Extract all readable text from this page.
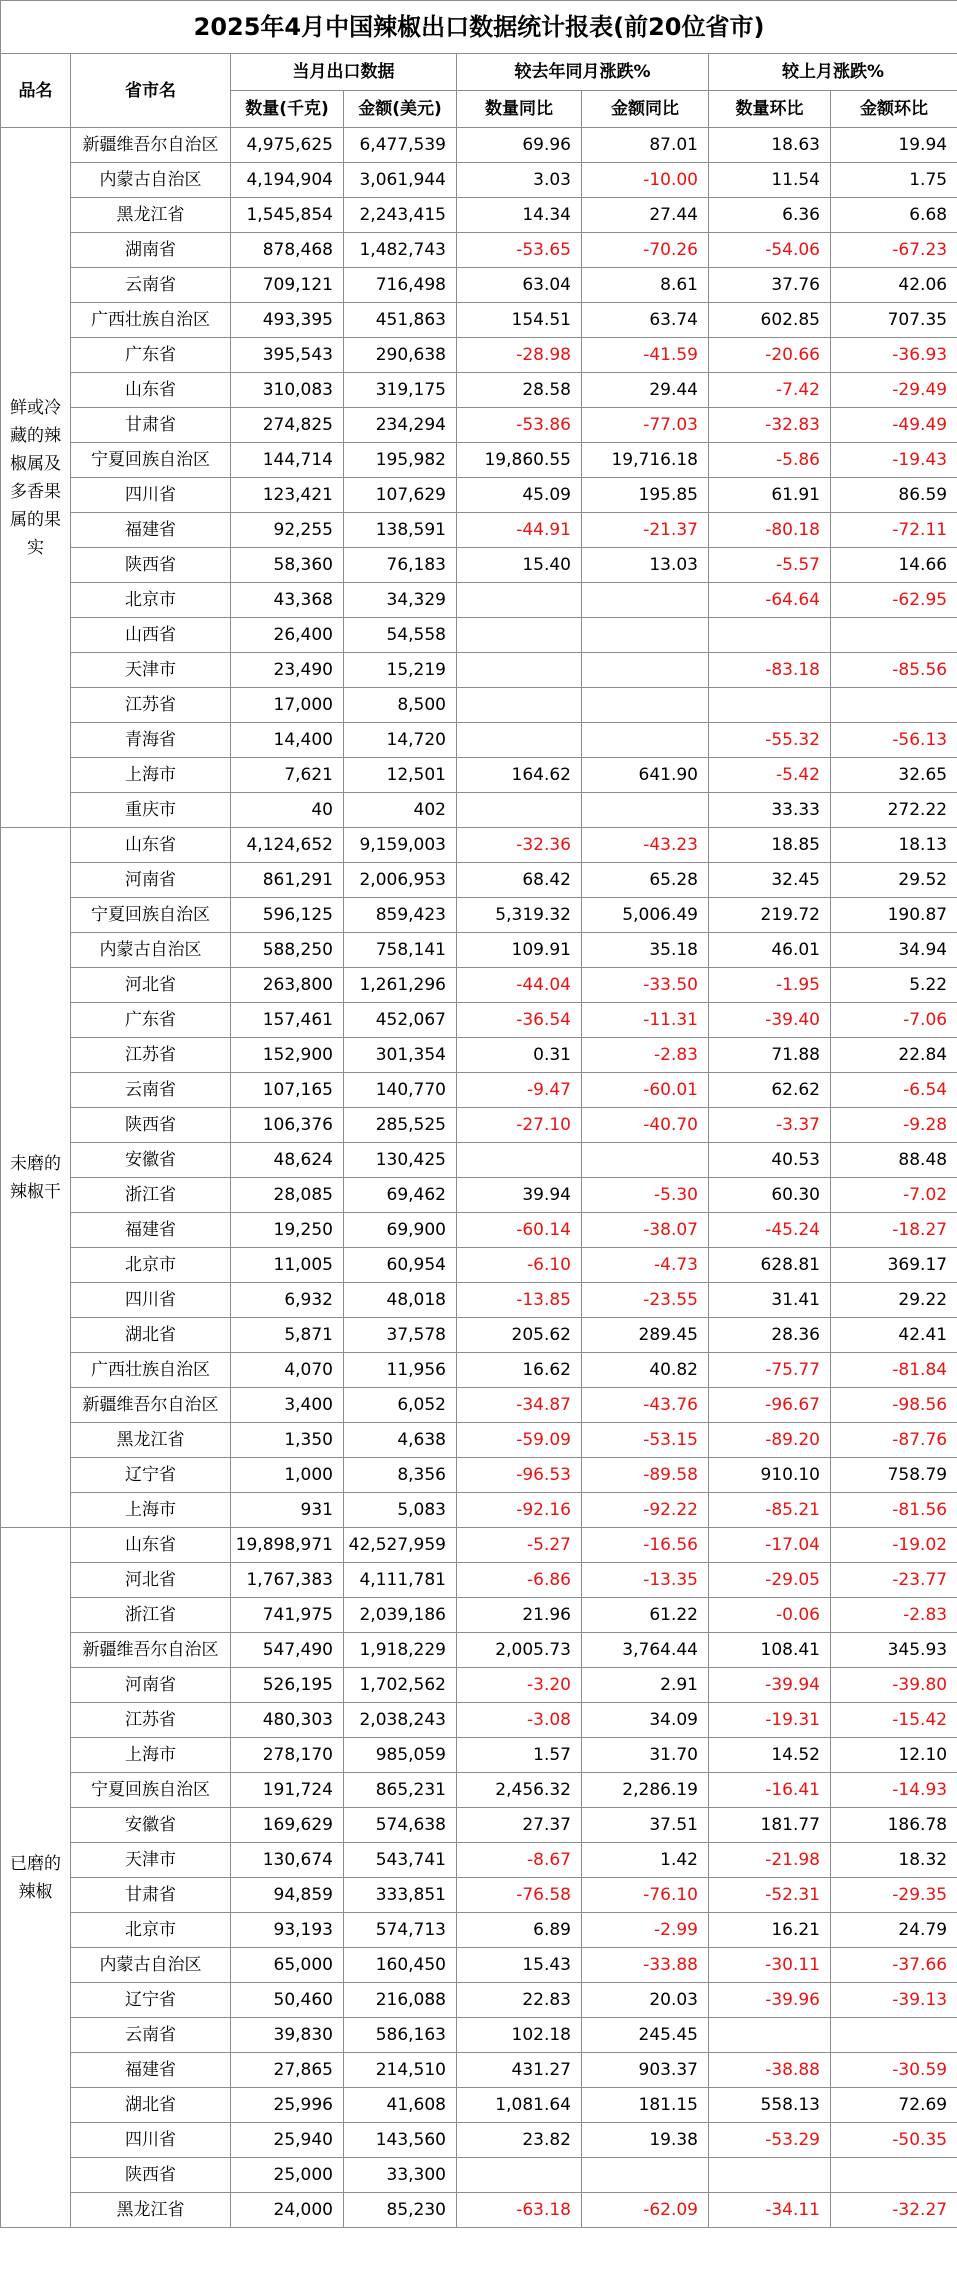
2025年4月中国辣椒出口数据统计报表(前20位省市)							
品名	省市名	当月出口数据		较去年同月涨跌%		较上月涨跌%	
		数量(千克)	金额(美元)	数量同比	金额同比	数量环比	金额环比
鲜或冷藏的辣椒属及多香果属的果实	新疆维吾尔自治区	4,975,625	6,477,539	69.96	87.01	18.63	19.94
	内蒙古自治区	4,194,904	3,061,944	3.03	-10.00	11.54	1.75
	黑龙江省	1,545,854	2,243,415	14.34	27.44	6.36	6.68
	湖南省	878,468	1,482,743	-53.65	-70.26	-54.06	-67.23
	云南省	709,121	716,498	63.04	8.61	37.76	42.06
	广西壮族自治区	493,395	451,863	154.51	63.74	602.85	707.35
	广东省	395,543	290,638	-28.98	-41.59	-20.66	-36.93
	山东省	310,083	319,175	28.58	29.44	-7.42	-29.49
	甘肃省	274,825	234,294	-53.86	-77.03	-32.83	-49.49
	宁夏回族自治区	144,714	195,982	19,860.55	19,716.18	-5.86	-19.43
	四川省	123,421	107,629	45.09	195.85	61.91	86.59
	福建省	92,255	138,591	-44.91	-21.37	-80.18	-72.11
	陕西省	58,360	76,183	15.40	13.03	-5.57	14.66
	北京市	43,368	34,329			-64.64	-62.95
	山西省	26,400	54,558				
	天津市	23,490	15,219			-83.18	-85.56
	江苏省	17,000	8,500				
	青海省	14,400	14,720			-55.32	-56.13
	上海市	7,621	12,501	164.62	641.90	-5.42	32.65
	重庆市	40	402			33.33	272.22
未磨的辣椒干	山东省	4,124,652	9,159,003	-32.36	-43.23	18.85	18.13
	河南省	861,291	2,006,953	68.42	65.28	32.45	29.52
	宁夏回族自治区	596,125	859,423	5,319.32	5,006.49	219.72	190.87
	内蒙古自治区	588,250	758,141	109.91	35.18	46.01	34.94
	河北省	263,800	1,261,296	-44.04	-33.50	-1.95	5.22
	广东省	157,461	452,067	-36.54	-11.31	-39.40	-7.06
	江苏省	152,900	301,354	0.31	-2.83	71.88	22.84
	云南省	107,165	140,770	-9.47	-60.01	62.62	-6.54
	陕西省	106,376	285,525	-27.10	-40.70	-3.37	-9.28
	安徽省	48,624	130,425			40.53	88.48
	浙江省	28,085	69,462	39.94	-5.30	60.30	-7.02
	福建省	19,250	69,900	-60.14	-38.07	-45.24	-18.27
	北京市	11,005	60,954	-6.10	-4.73	628.81	369.17
	四川省	6,932	48,018	-13.85	-23.55	31.41	29.22
	湖北省	5,871	37,578	205.62	289.45	28.36	42.41
	广西壮族自治区	4,070	11,956	16.62	40.82	-75.77	-81.84
	新疆维吾尔自治区	3,400	6,052	-34.87	-43.76	-96.67	-98.56
	黑龙江省	1,350	4,638	-59.09	-53.15	-89.20	-87.76
	辽宁省	1,000	8,356	-96.53	-89.58	910.10	758.79
	上海市	931	5,083	-92.16	-92.22	-85.21	-81.56
已磨的辣椒	山东省	19,898,971	42,527,959	-5.27	-16.56	-17.04	-19.02
	河北省	1,767,383	4,111,781	-6.86	-13.35	-29.05	-23.77
	浙江省	741,975	2,039,186	21.96	61.22	-0.06	-2.83
	新疆维吾尔自治区	547,490	1,918,229	2,005.73	3,764.44	108.41	345.93
	河南省	526,195	1,702,562	-3.20	2.91	-39.94	-39.80
	江苏省	480,303	2,038,243	-3.08	34.09	-19.31	-15.42
	上海市	278,170	985,059	1.57	31.70	14.52	12.10
	宁夏回族自治区	191,724	865,231	2,456.32	2,286.19	-16.41	-14.93
	安徽省	169,629	574,638	27.37	37.51	181.77	186.78
	天津市	130,674	543,741	-8.67	1.42	-21.98	18.32
	甘肃省	94,859	333,851	-76.58	-76.10	-52.31	-29.35
	北京市	93,193	574,713	6.89	-2.99	16.21	24.79
	内蒙古自治区	65,000	160,450	15.43	-33.88	-30.11	-37.66
	辽宁省	50,460	216,088	22.83	20.03	-39.96	-39.13
	云南省	39,830	586,163	102.18	245.45		
	福建省	27,865	214,510	431.27	903.37	-38.88	-30.59
	湖北省	25,996	41,608	1,081.64	181.15	558.13	72.69
	四川省	25,940	143,560	23.82	19.38	-53.29	-50.35
	陕西省	25,000	33,300				
	黑龙江省	24,000	85,230	-63.18	-62.09	-34.11	-32.27
